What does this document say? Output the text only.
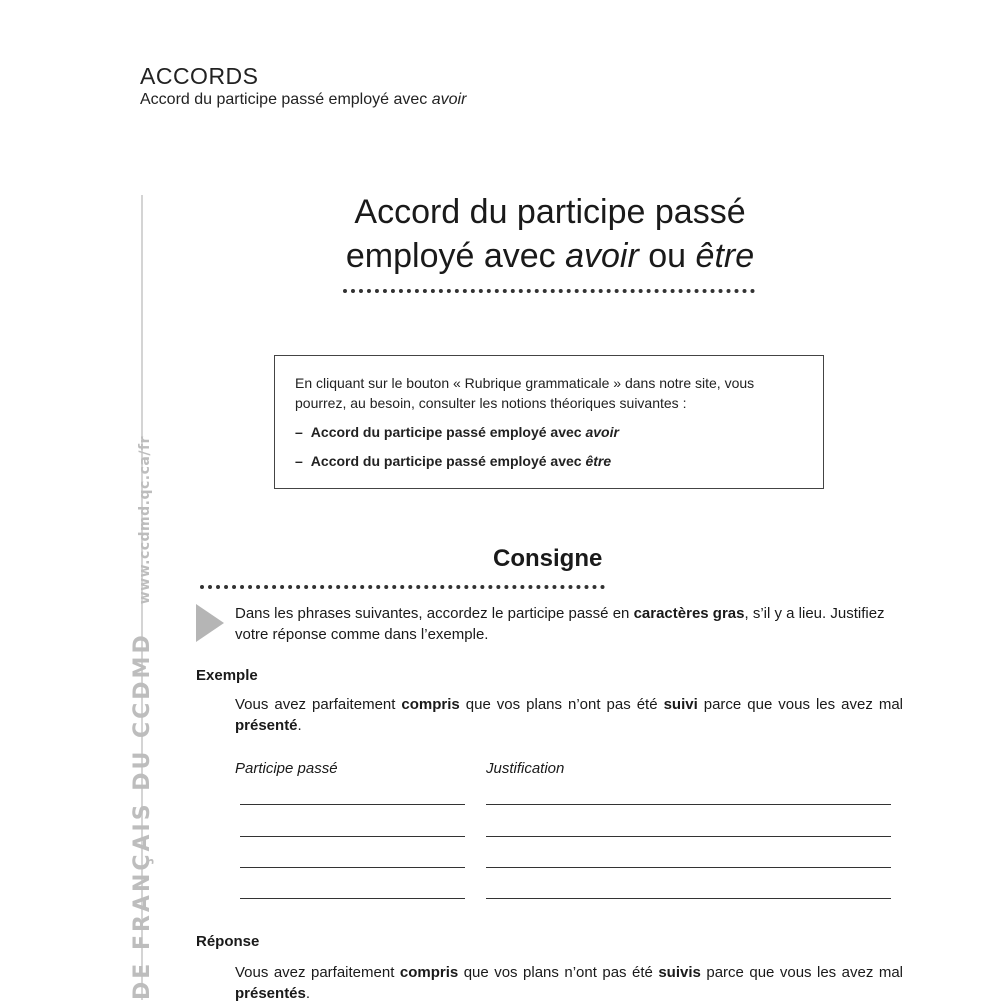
ACCORDS
Accord du participe passé employé avec avoir
DE FRANÇAIS DU CCDMDwww.ccdmd.qc.ca/fr
Accord du participe passé
employé avec avoir ou être

En cliquant sur le bouton « Rubrique grammaticale » dans notre site, vous pourrez, au besoin, consulter les notions théoriques suivantes :

– Accord du participe passé employé avec avoir

– Accord du participe passé employé avec être

Consigne
Dans les phrases suivantes, accordez le participe passé en caractères gras, s’il y a lieu. Justifiez votre réponse comme dans l’exemple.
Exemple
Vous avez parfaitement compris que vos plans n’ont pas été suivi parce que vous les avez mal présenté.
Participe passé	Justification
Réponse
Vous avez parfaitement compris que vos plans n’ont pas été suivis parce que vous les avez mal présentés.
